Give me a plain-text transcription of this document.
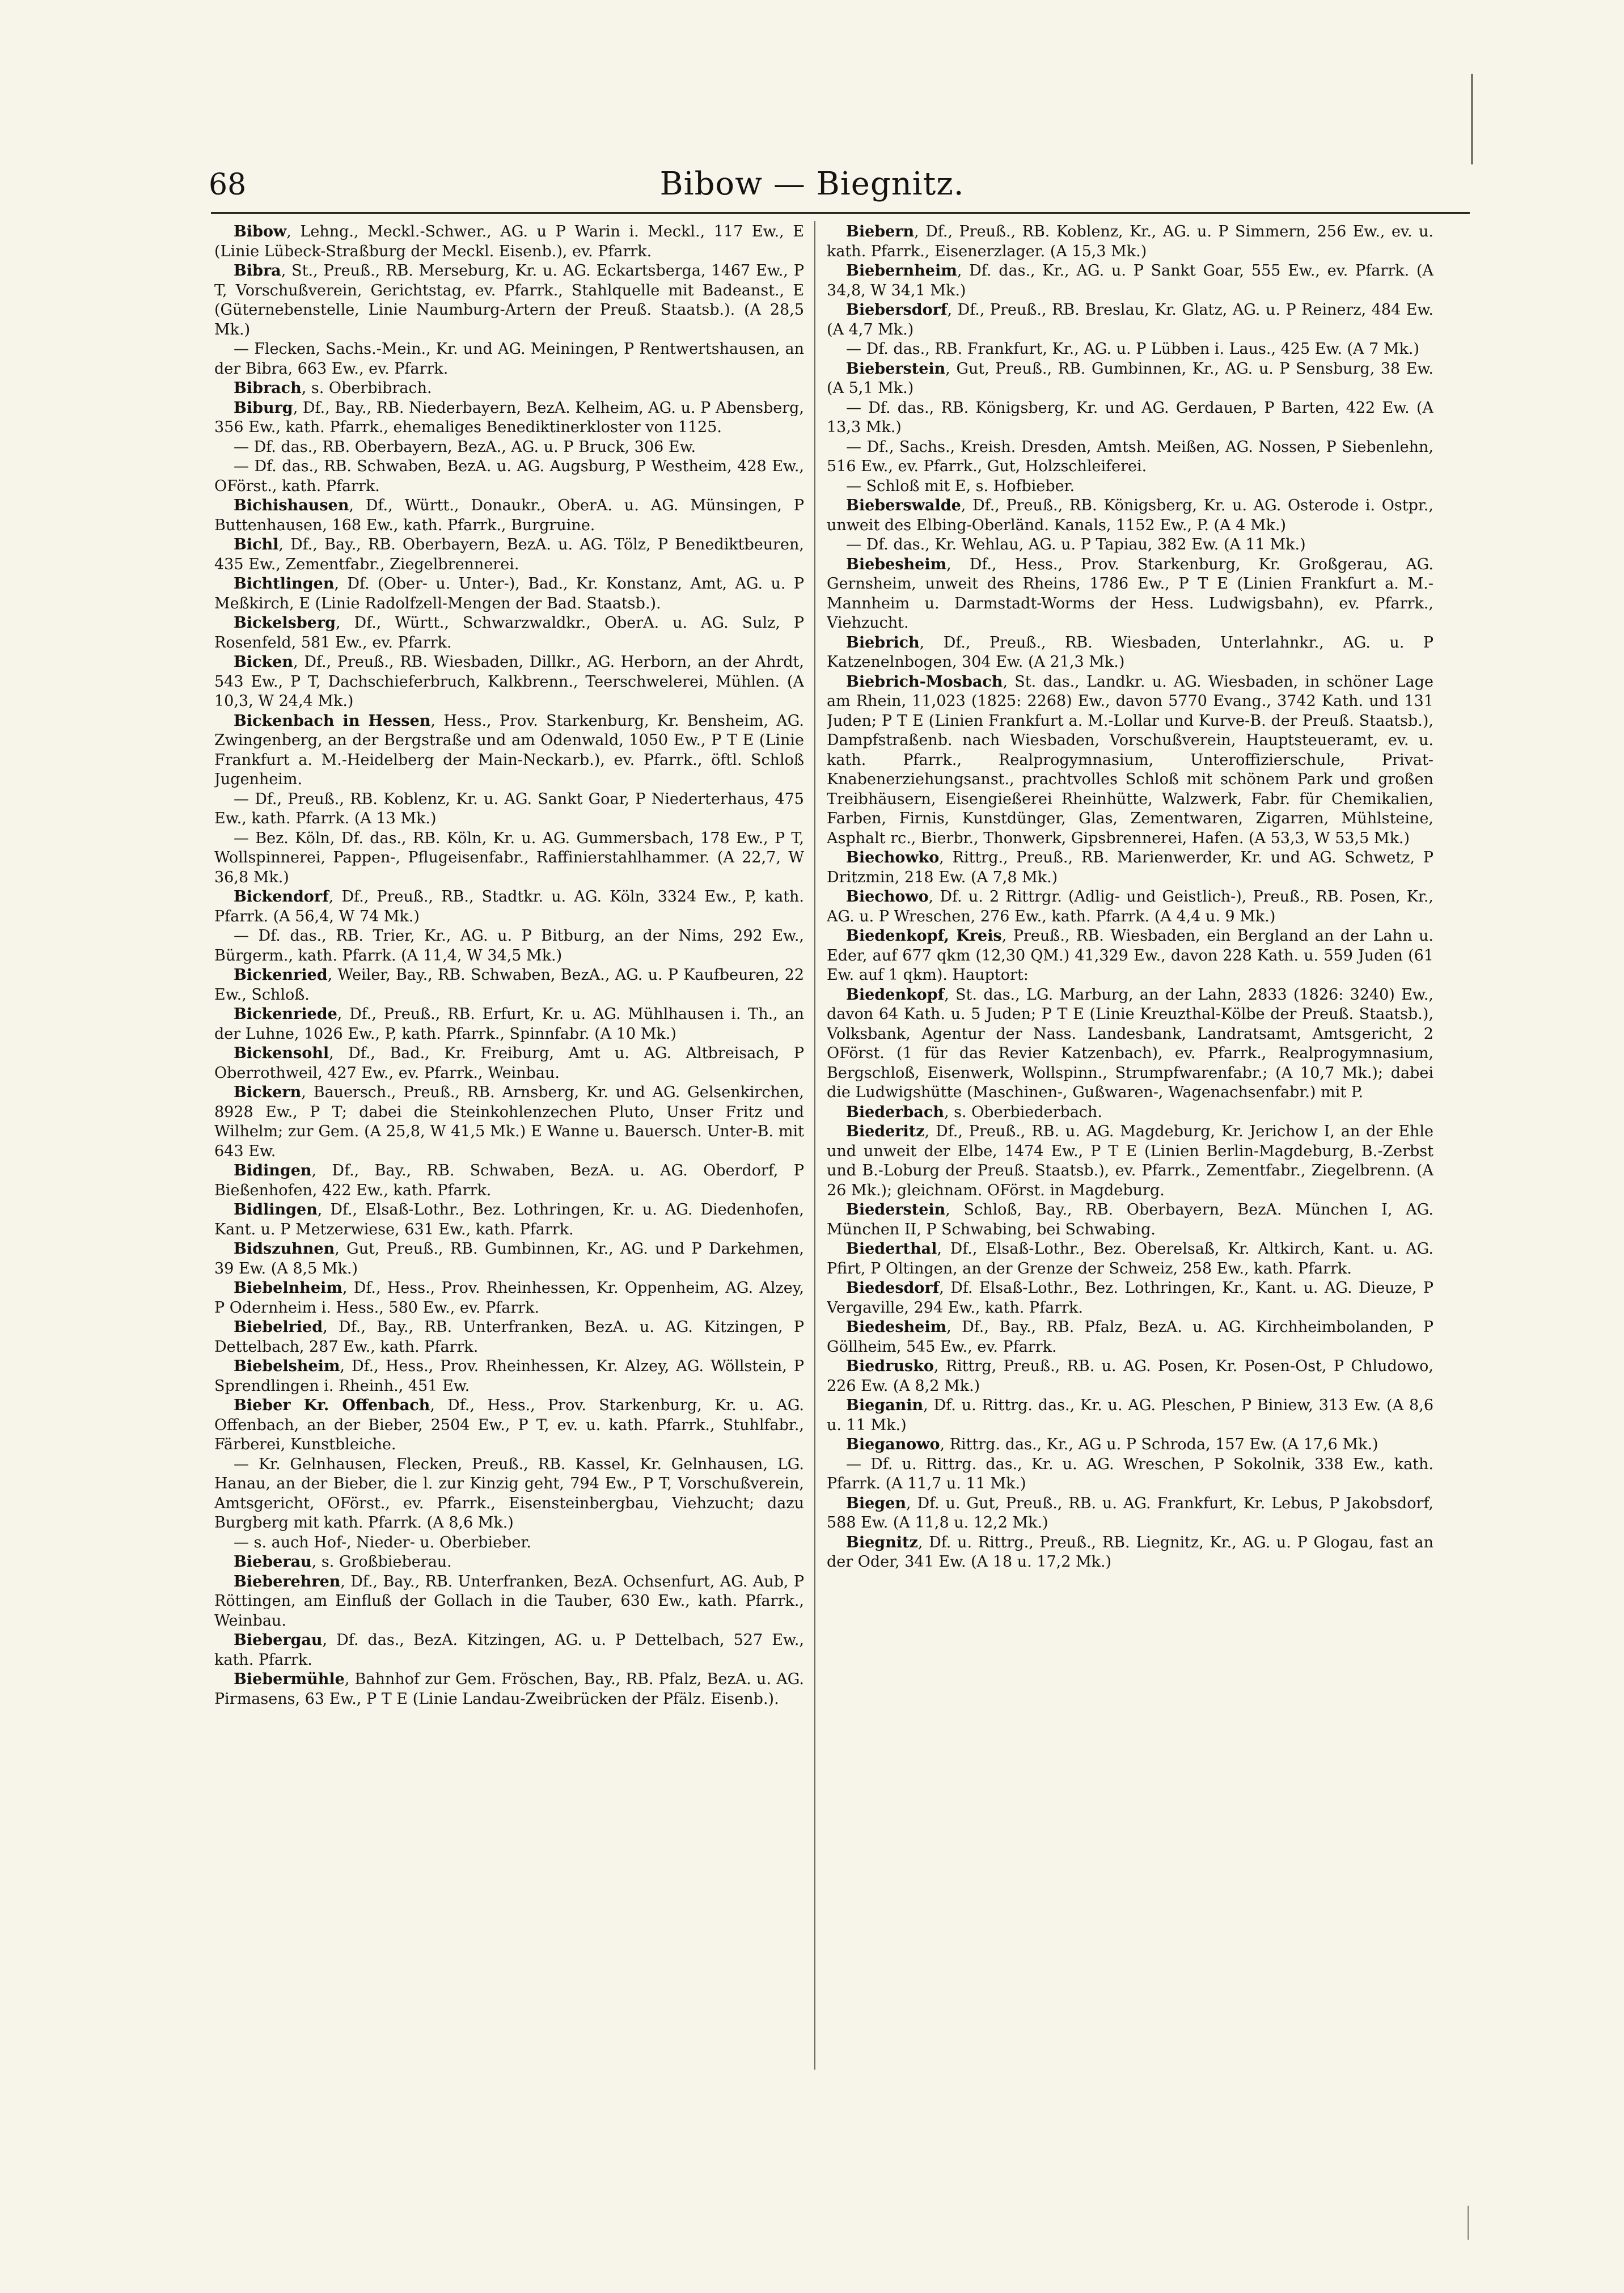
68	Bibow — Biegnitz.

Bibow, Lehng., Meckl.-Schwer., AG. u P Warin i. Meckl., 117 Ew., E (Linie Lübeck-Straßburg der Meckl. Eisenb.), ev. Pfarrk.

Bibra, St., Preuß., RB. Merseburg, Kr. u. AG. Eckartsberga, 1467 Ew., P T, Vorschußverein, Gerichtstag, ev. Pfarrk., Stahlquelle mit Badeanst., E (Güternebenstelle, Linie Naumburg-Artern der Preuß. Staatsb.). (A 28,5 Mk.)

— Flecken, Sachs.-Mein., Kr. und AG. Meiningen, P Rentwertshausen, an der Bibra, 663 Ew., ev. Pfarrk.

Bibrach, s. Oberbibrach.

Biburg, Df., Bay., RB. Niederbayern, BezA. Kelheim, AG. u. P Abensberg, 356 Ew., kath. Pfarrk., ehemaliges Benediktinerkloster von 1125.

— Df. das., RB. Oberbayern, BezA., AG. u. P Bruck, 306 Ew.

— Df. das., RB. Schwaben, BezA. u. AG. Augsburg, P Westheim, 428 Ew., OFörst., kath. Pfarrk.

Bichishausen, Df., Württ., Donaukr., OberA. u. AG. Münsingen, P Buttenhausen, 168 Ew., kath. Pfarrk., Burgruine.

Bichl, Df., Bay., RB. Oberbayern, BezA. u. AG. Tölz, P Benediktbeuren, 435 Ew., Zementfabr., Ziegelbrennerei.

Bichtlingen, Df. (Ober- u. Unter-), Bad., Kr. Konstanz, Amt, AG. u. P Meßkirch, E (Linie Radolfzell-Mengen der Bad. Staatsb.).

Bickelsberg, Df., Württ., Schwarzwaldkr., OberA. u. AG. Sulz, P Rosenfeld, 581 Ew., ev. Pfarrk.

Bicken, Df., Preuß., RB. Wiesbaden, Dillkr., AG. Herborn, an der Ahrdt, 543 Ew., P T, Dachschieferbruch, Kalkbrenn., Teerschwelerei, Mühlen. (A 10,3, W 24,4 Mk.)

Bickenbach in Hessen, Hess., Prov. Starkenburg, Kr. Bensheim, AG. Zwingenberg, an der Bergstraße und am Odenwald, 1050 Ew., P T E (Linie Frankfurt a. M.-Heidelberg der Main-Neckarb.), ev. Pfarrk., öftl. Schloß Jugenheim.

— Df., Preuß., RB. Koblenz, Kr. u. AG. Sankt Goar, P Niederterhaus, 475 Ew., kath. Pfarrk. (A 13 Mk.)

— Bez. Köln, Df. das., RB. Köln, Kr. u. AG. Gummersbach, 178 Ew., P T, Wollspinnerei, Pappen-, Pflugeisenfabr., Raffinierstahlhammer. (A 22,7, W 36,8 Mk.)

Bickendorf, Df., Preuß., RB., Stadtkr. u. AG. Köln, 3324 Ew., P, kath. Pfarrk. (A 56,4, W 74 Mk.)

— Df. das., RB. Trier, Kr., AG. u. P Bitburg, an der Nims, 292 Ew., Bürgerm., kath. Pfarrk. (A 11,4, W 34,5 Mk.)

Bickenried, Weiler, Bay., RB. Schwaben, BezA., AG. u. P Kaufbeuren, 22 Ew., Schloß.

Bickenriede, Df., Preuß., RB. Erfurt, Kr. u. AG. Mühlhausen i. Th., an der Luhne, 1026 Ew., P, kath. Pfarrk., Spinnfabr. (A 10 Mk.)

Bickensohl, Df., Bad., Kr. Freiburg, Amt u. AG. Altbreisach, P Oberrothweil, 427 Ew., ev. Pfarrk., Weinbau.

Bickern, Bauersch., Preuß., RB. Arnsberg, Kr. und AG. Gelsenkirchen, 8928 Ew., P T; dabei die Steinkohlenzechen Pluto, Unser Fritz und Wilhelm; zur Gem. (A 25,8, W 41,5 Mk.) E Wanne u. Bauersch. Unter-B. mit 643 Ew.

Bidingen, Df., Bay., RB. Schwaben, BezA. u. AG. Oberdorf, P Bießenhofen, 422 Ew., kath. Pfarrk.

Bidlingen, Df., Elsaß-Lothr., Bez. Lothringen, Kr. u. AG. Diedenhofen, Kant. u. P Metzerwiese, 631 Ew., kath. Pfarrk.

Bidszuhnen, Gut, Preuß., RB. Gumbinnen, Kr., AG. und P Darkehmen, 39 Ew. (A 8,5 Mk.)

Biebelnheim, Df., Hess., Prov. Rheinhessen, Kr. Oppenheim, AG. Alzey, P Odernheim i. Hess., 580 Ew., ev. Pfarrk.

Biebelried, Df., Bay., RB. Unterfranken, BezA. u. AG. Kitzingen, P Dettelbach, 287 Ew., kath. Pfarrk.

Biebelsheim, Df., Hess., Prov. Rheinhessen, Kr. Alzey, AG. Wöllstein, P Sprendlingen i. Rheinh., 451 Ew.

Bieber Kr. Offenbach, Df., Hess., Prov. Starkenburg, Kr. u. AG. Offenbach, an der Bieber, 2504 Ew., P T, ev. u. kath. Pfarrk., Stuhlfabr., Färberei, Kunstbleiche.

— Kr. Gelnhausen, Flecken, Preuß., RB. Kassel, Kr. Gelnhausen, LG. Hanau, an der Bieber, die l. zur Kinzig geht, 794 Ew., P T, Vorschußverein, Amtsgericht, OFörst., ev. Pfarrk., Eisensteinbergbau, Viehzucht; dazu Burgberg mit kath. Pfarrk. (A 8,6 Mk.)

— s. auch Hof-, Nieder- u. Oberbieber.

Bieberau, s. Großbieberau.

Bieberehren, Df., Bay., RB. Unterfranken, BezA. Ochsenfurt, AG. Aub, P Röttingen, am Einfluß der Gollach in die Tauber, 630 Ew., kath. Pfarrk., Weinbau.

Biebergau, Df. das., BezA. Kitzingen, AG. u. P Dettelbach, 527 Ew., kath. Pfarrk.

Biebermühle, Bahnhof zur Gem. Fröschen, Bay., RB. Pfalz, BezA. u. AG. Pirmasens, 63 Ew., P T E (Linie Landau-Zweibrücken der Pfälz. Eisenb.).

Biebern, Df., Preuß., RB. Koblenz, Kr., AG. u. P Simmern, 256 Ew., ev. u. kath. Pfarrk., Eisenerzlager. (A 15,3 Mk.)

Biebernheim, Df. das., Kr., AG. u. P Sankt Goar, 555 Ew., ev. Pfarrk. (A 34,8, W 34,1 Mk.)

Biebersdorf, Df., Preuß., RB. Breslau, Kr. Glatz, AG. u. P Reinerz, 484 Ew. (A 4,7 Mk.)

— Df. das., RB. Frankfurt, Kr., AG. u. P Lübben i. Laus., 425 Ew. (A 7 Mk.)

Bieberstein, Gut, Preuß., RB. Gumbinnen, Kr., AG. u. P Sensburg, 38 Ew. (A 5,1 Mk.)

— Df. das., RB. Königsberg, Kr. und AG. Gerdauen, P Barten, 422 Ew. (A 13,3 Mk.)

— Df., Sachs., Kreish. Dresden, Amtsh. Meißen, AG. Nossen, P Siebenlehn, 516 Ew., ev. Pfarrk., Gut, Holzschleiferei.

— Schloß mit E, s. Hofbieber.

Bieberswalde, Df., Preuß., RB. Königsberg, Kr. u. AG. Osterode i. Ostpr., unweit des Elbing-Oberländ. Kanals, 1152 Ew., P. (A 4 Mk.)

— Df. das., Kr. Wehlau, AG. u. P Tapiau, 382 Ew. (A 11 Mk.)

Biebesheim, Df., Hess., Prov. Starkenburg, Kr. Großgerau, AG. Gernsheim, unweit des Rheins, 1786 Ew., P T E (Linien Frankfurt a. M.-Mannheim u. Darmstadt-Worms der Hess. Ludwigsbahn), ev. Pfarrk., Viehzucht.

Biebrich, Df., Preuß., RB. Wiesbaden, Unterlahnkr., AG. u. P Katzenelnbogen, 304 Ew. (A 21,3 Mk.)

Biebrich-Mosbach, St. das., Landkr. u. AG. Wiesbaden, in schöner Lage am Rhein, 11,023 (1825: 2268) Ew., davon 5770 Evang., 3742 Kath. und 131 Juden; P T E (Linien Frankfurt a. M.-Lollar und Kurve-B. der Preuß. Staatsb.), Dampfstraßenb. nach Wiesbaden, Vorschußverein, Hauptsteueramt, ev. u. kath. Pfarrk., Realprogymnasium, Unteroffizierschule, Privat-Knabenerziehungsanst., prachtvolles Schloß mit schönem Park und großen Treibhäusern, Eisengießerei Rheinhütte, Walzwerk, Fabr. für Chemikalien, Farben, Firnis, Kunstdünger, Glas, Zementwaren, Zigarren, Mühlsteine, Asphalt rc., Bierbr., Thonwerk, Gipsbrennerei, Hafen. (A 53,3, W 53,5 Mk.)

Biechowko, Rittrg., Preuß., RB. Marienwerder, Kr. und AG. Schwetz, P Dritzmin, 218 Ew. (A 7,8 Mk.)

Biechowo, Df. u. 2 Rittrgr. (Adlig- und Geistlich-), Preuß., RB. Posen, Kr., AG. u. P Wreschen, 276 Ew., kath. Pfarrk. (A 4,4 u. 9 Mk.)

Biedenkopf, Kreis, Preuß., RB. Wiesbaden, ein Bergland an der Lahn u. Eder, auf 677 qkm (12,30 QM.) 41,329 Ew., davon 228 Kath. u. 559 Juden (61 Ew. auf 1 qkm). Hauptort:

Biedenkopf, St. das., LG. Marburg, an der Lahn, 2833 (1826: 3240) Ew., davon 64 Kath. u. 5 Juden; P T E (Linie Kreuzthal-Kölbe der Preuß. Staatsb.), Volksbank, Agentur der Nass. Landesbank, Landratsamt, Amtsgericht, 2 OFörst. (1 für das Revier Katzenbach), ev. Pfarrk., Realprogymnasium, Bergschloß, Eisenwerk, Wollspinn., Strumpfwarenfabr.; (A 10,7 Mk.); dabei die Ludwigshütte (Maschinen-, Gußwaren-, Wagenachsenfabr.) mit P.

Biederbach, s. Oberbiederbach.

Biederitz, Df., Preuß., RB. u. AG. Magdeburg, Kr. Jerichow I, an der Ehle und unweit der Elbe, 1474 Ew., P T E (Linien Berlin-Magdeburg, B.-Zerbst und B.-Loburg der Preuß. Staatsb.), ev. Pfarrk., Zementfabr., Ziegelbrenn. (A 26 Mk.); gleichnam. OFörst. in Magdeburg.

Biederstein, Schloß, Bay., RB. Oberbayern, BezA. München I, AG. München II, P Schwabing, bei Schwabing.

Biederthal, Df., Elsaß-Lothr., Bez. Oberelsaß, Kr. Altkirch, Kant. u. AG. Pfirt, P Oltingen, an der Grenze der Schweiz, 258 Ew., kath. Pfarrk.

Biedesdorf, Df. Elsaß-Lothr., Bez. Lothringen, Kr., Kant. u. AG. Dieuze, P Vergaville, 294 Ew., kath. Pfarrk.

Biedesheim, Df., Bay., RB. Pfalz, BezA. u. AG. Kirchheimbolanden, P Göllheim, 545 Ew., ev. Pfarrk.

Biedrusko, Rittrg, Preuß., RB. u. AG. Posen, Kr. Posen-Ost, P Chludowo, 226 Ew. (A 8,2 Mk.)

Bieganin, Df. u. Rittrg. das., Kr. u. AG. Pleschen, P Biniew, 313 Ew. (A 8,6 u. 11 Mk.)

Bieganowo, Rittrg. das., Kr., AG u. P Schroda, 157 Ew. (A 17,6 Mk.)

— Df. u. Rittrg. das., Kr. u. AG. Wreschen, P Sokolnik, 338 Ew., kath. Pfarrk. (A 11,7 u. 11 Mk.)

Biegen, Df. u. Gut, Preuß., RB. u. AG. Frankfurt, Kr. Lebus, P Jakobsdorf, 588 Ew. (A 11,8 u. 12,2 Mk.)

Biegnitz, Df. u. Rittrg., Preuß., RB. Liegnitz, Kr., AG. u. P Glogau, fast an der Oder, 341 Ew. (A 18 u. 17,2 Mk.)
